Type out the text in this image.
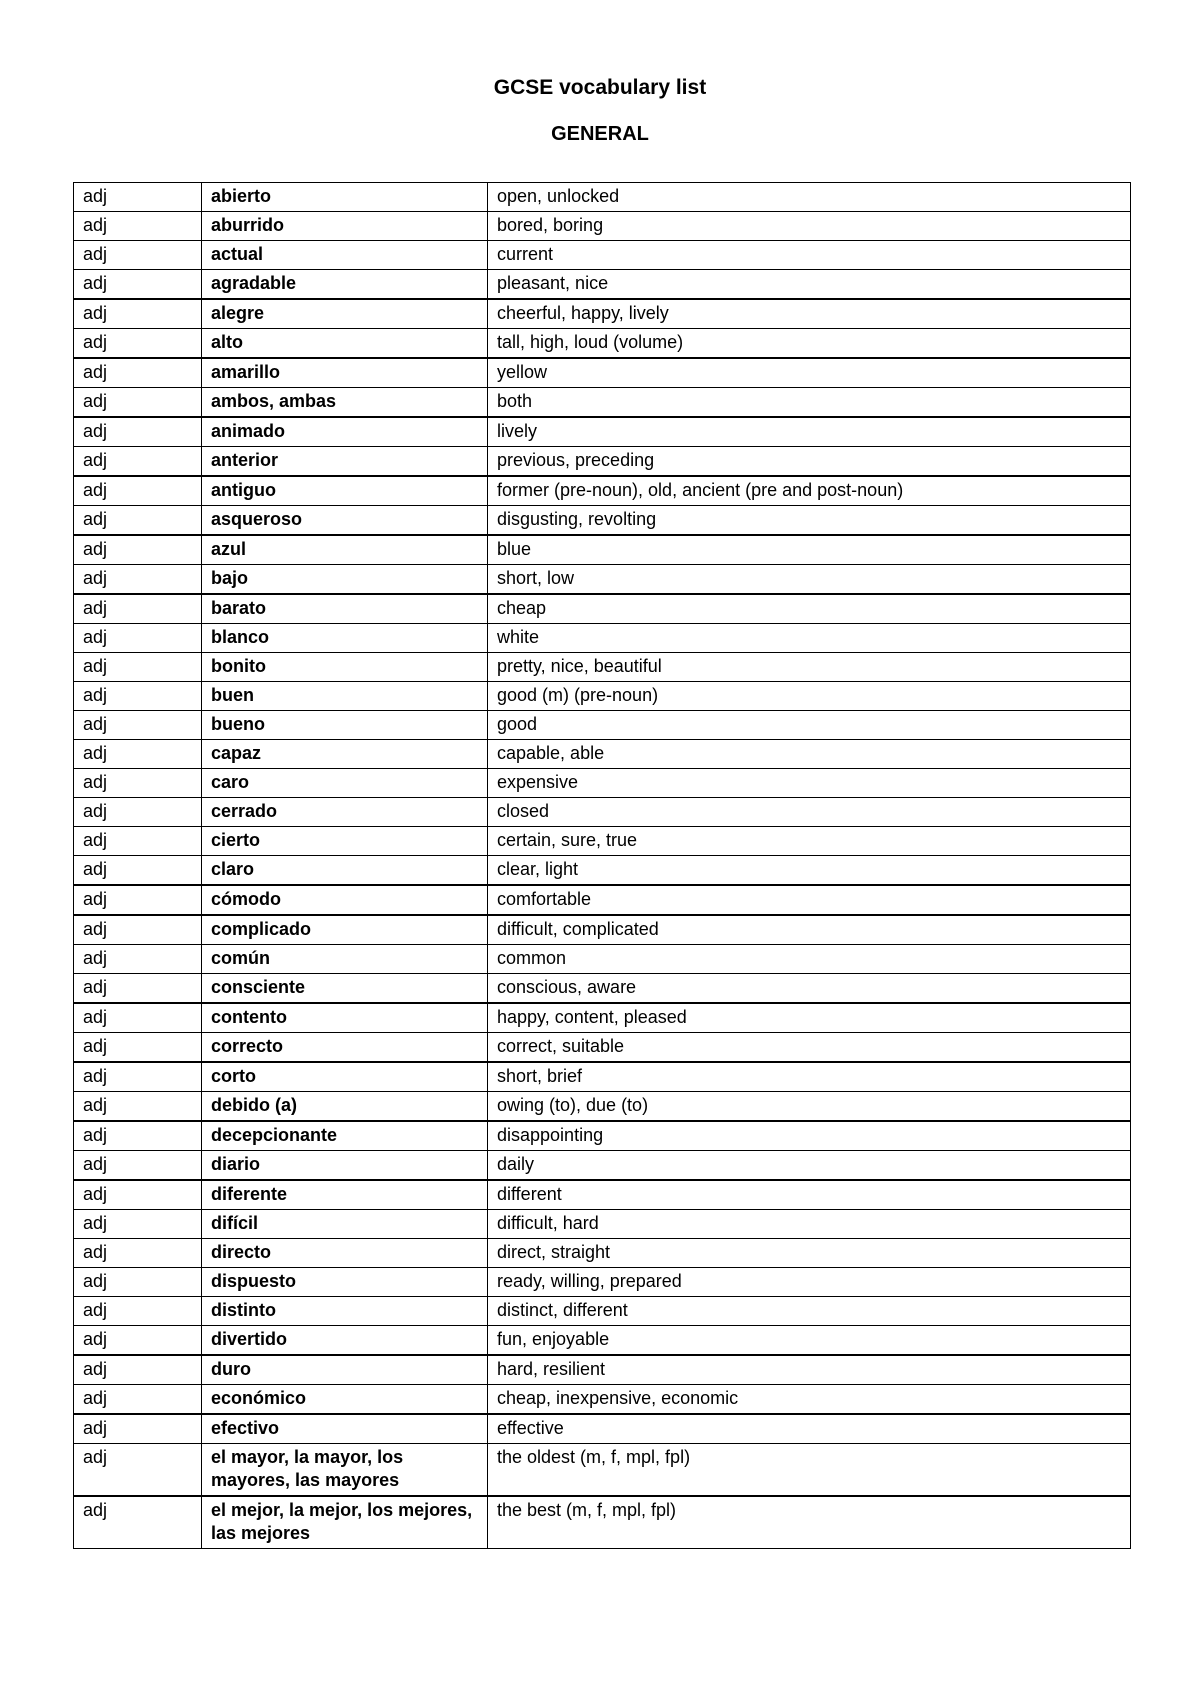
GCSE vocabulary list
GENERAL
adj	abierto	open, unlocked
adj	aburrido	bored, boring
adj	actual	current
adj	agradable	pleasant, nice
adj	alegre	cheerful, happy, lively
adj	alto	tall, high, loud (volume)
adj	amarillo	yellow
adj	ambos, ambas	both
adj	animado	lively
adj	anterior	previous, preceding
adj	antiguo	former (pre-noun), old, ancient (pre and post-noun)
adj	asqueroso	disgusting, revolting
adj	azul	blue
adj	bajo	short, low
adj	barato	cheap
adj	blanco	white
adj	bonito	pretty, nice, beautiful
adj	buen	good (m) (pre-noun)
adj	bueno	good
adj	capaz	capable, able
adj	caro	expensive
adj	cerrado	closed
adj	cierto	certain, sure, true
adj	claro	clear, light
adj	cómodo	comfortable
adj	complicado	difficult, complicated
adj	común	common
adj	consciente	conscious, aware
adj	contento	happy, content, pleased
adj	correcto	correct, suitable
adj	corto	short, brief
adj	debido (a)	owing (to), due (to)
adj	decepcionante	disappointing
adj	diario	daily
adj	diferente	different
adj	difícil	difficult, hard
adj	directo	direct, straight
adj	dispuesto	ready, willing, prepared
adj	distinto	distinct, different
adj	divertido	fun, enjoyable
adj	duro	hard, resilient
adj	económico	cheap, inexpensive, economic
adj	efectivo	effective
adj	el mayor, la mayor, los mayores, las mayores	the oldest (m, f, mpl, fpl)
adj	el mejor, la mejor, los mejores, las mejores	the best (m, f, mpl, fpl)
